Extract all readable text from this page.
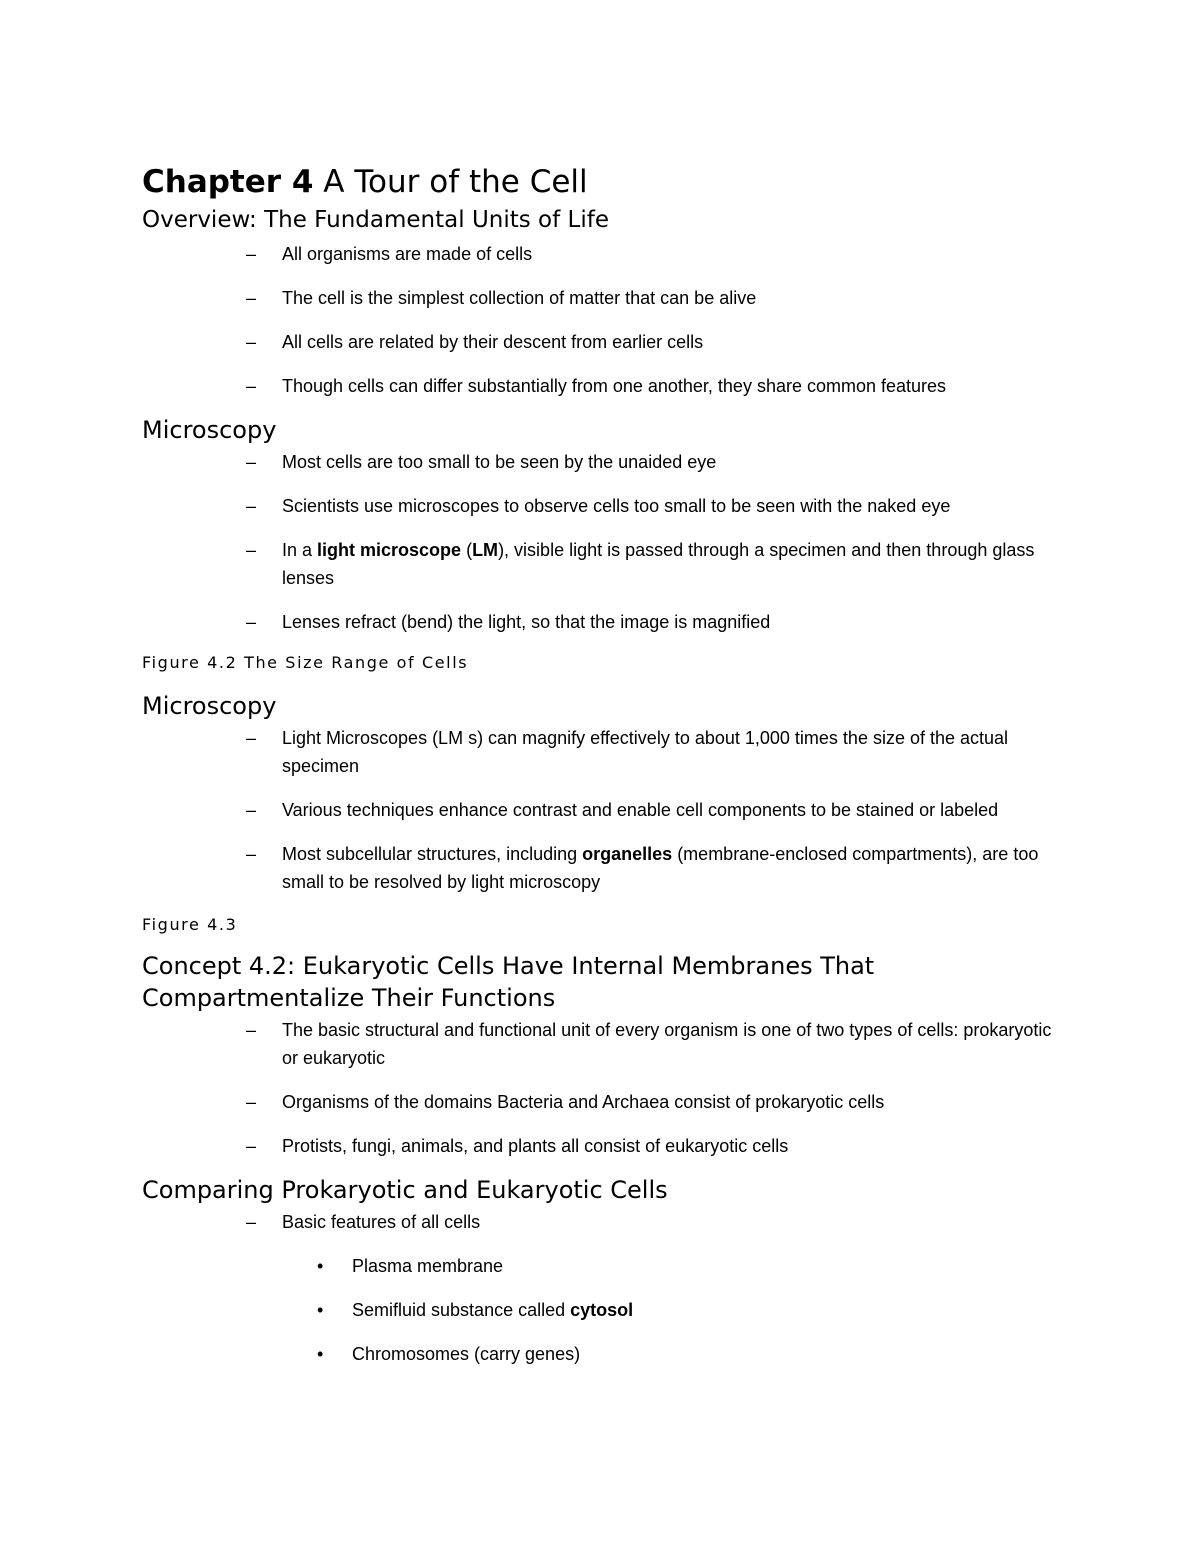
Chapter 4 A Tour of the Cell
Overview: The Fundamental Units of Life

– All organisms are made of cells

– The cell is the simplest collection of matter that can be alive

– All cells are related by their descent from earlier cells

– Though cells can differ substantially from one another, they share common features

Microscopy

– Most cells are too small to be seen by the unaided eye

– Scientists use microscopes to observe cells too small to be seen with the naked eye

– In a light microscope (LM), visible light is passed through a specimen and then through glass lenses

– Lenses refract (bend) the light, so that the image is magnified

Figure 4.2 The Size Range of Cells

Microscopy

– Light Microscopes (LM s) can magnify effectively to about 1,000 times the size of the actual specimen

– Various techniques enhance contrast and enable cell components to be stained or labeled

– Most subcellular structures, including organelles (membrane-enclosed compartments), are too small to be resolved by light microscopy

Figure 4.3

Concept 4.2: Eukaryotic Cells Have Internal Membranes That Compartmentalize Their Functions

– The basic structural and functional unit of every organism is one of two types of cells: prokaryotic or eukaryotic

– Organisms of the domains Bacteria and Archaea consist of prokaryotic cells

– Protists, fungi, animals, and plants all consist of eukaryotic cells

Comparing Prokaryotic and Eukaryotic Cells

– Basic features of all cells

• Plasma membrane

• Semifluid substance called cytosol

• Chromosomes (carry genes)
